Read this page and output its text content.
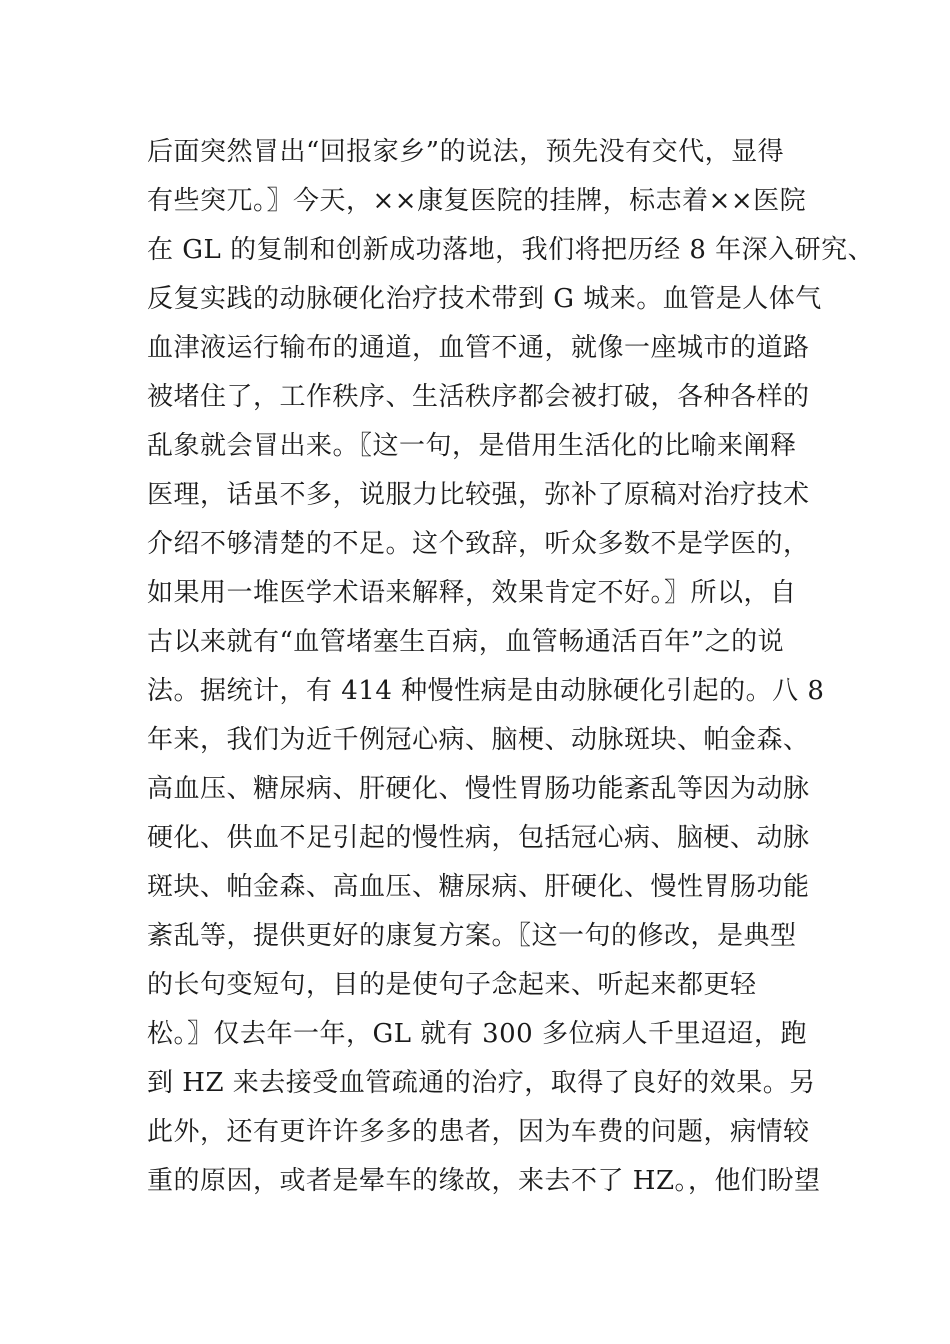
后面突然冒出“回报家乡”的说法，预先没有交代，显得
有些突兀。〗今天，××康复医院的挂牌，标志着××医院
在 GL 的复制和创新成功落地，我们将把历经 8 年深入研究、
反复实践的动脉硬化治疗技术带到 G 城来。血管是人体气
血津液运行输布的通道，血管不通，就像一座城市的道路
被堵住了，工作秩序、生活秩序都会被打破，各种各样的
乱象就会冒出来。〖这一句，是借用生活化的比喻来阐释
医理，话虽不多，说服力比较强，弥补了原稿对治疗技术
介绍不够清楚的不足。这个致辞，听众多数不是学医的，
如果用一堆医学术语来解释，效果肯定不好。〗所以，自
古以来就有“血管堵塞生百病，血管畅通活百年”之的说
法。据统计，有 414 种慢性病是由动脉硬化引起的。八 8
年来，我们为近千例冠心病、脑梗、动脉斑块、帕金森、
高血压、糖尿病、肝硬化、慢性胃肠功能紊乱等因为动脉
硬化、供血不足引起的慢性病，包括冠心病、脑梗、动脉
斑块、帕金森、高血压、糖尿病、肝硬化、慢性胃肠功能
紊乱等，提供更好的康复方案。〖这一句的修改，是典型
的长句变短句，目的是使句子念起来、听起来都更轻
松。〗仅去年一年，GL 就有 300 多位病人千里迢迢，跑
到 HZ 来去接受血管疏通的治疗，取得了良好的效果。另
此外，还有更许许多多的患者，因为车费的问题，病情较
重的原因，或者是晕车的缘故，来去不了 HZ。，他们盼望
